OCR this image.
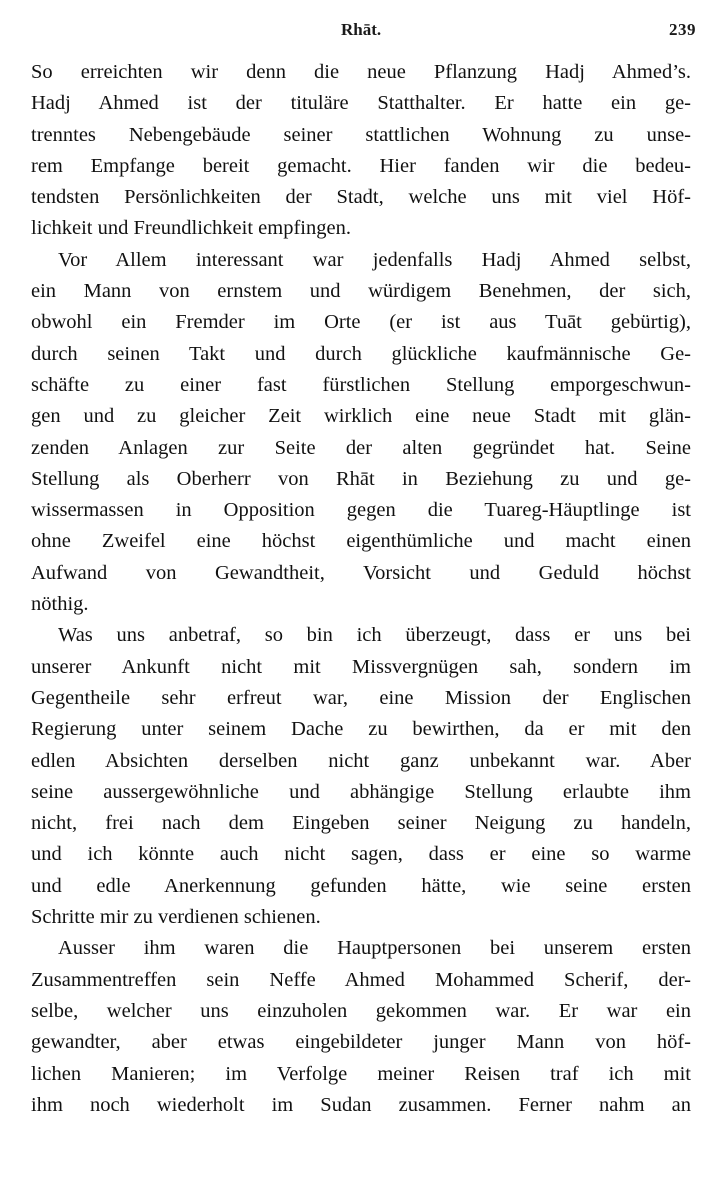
Rhāt.	239
So erreichten wir denn die neue Pflanzung Hadj Ahmed’s.
Hadj Ahmed ist der tituläre Statthalter. Er hatte ein ge-
trenntes Nebengebäude seiner stattlichen Wohnung zu unse-
rem Empfange bereit gemacht. Hier fanden wir die bedeu-
tendsten Persönlichkeiten der Stadt, welche uns mit viel Höf-
lichkeit und Freundlichkeit empfingen.
Vor Allem interessant war jedenfalls Hadj Ahmed selbst,
ein Mann von ernstem und würdigem Benehmen, der sich,
obwohl ein Fremder im Orte (er ist aus Tuāt gebürtig),
durch seinen Takt und durch glückliche kaufmännische Ge-
schäfte zu einer fast fürstlichen Stellung emporgeschwun-
gen und zu gleicher Zeit wirklich eine neue Stadt mit glän-
zenden Anlagen zur Seite der alten gegründet hat. Seine
Stellung als Oberherr von Rhāt in Beziehung zu und ge-
wissermassen in Opposition gegen die Tuareg-Häuptlinge ist
ohne Zweifel eine höchst eigenthümliche und macht einen
Aufwand von Gewandtheit, Vorsicht und Geduld höchst
nöthig.
Was uns anbetraf, so bin ich überzeugt, dass er uns bei
unserer Ankunft nicht mit Missvergnügen sah, sondern im
Gegentheile sehr erfreut war, eine Mission der Englischen
Regierung unter seinem Dache zu bewirthen, da er mit den
edlen Absichten derselben nicht ganz unbekannt war. Aber
seine aussergewöhnliche und abhängige Stellung erlaubte ihm
nicht, frei nach dem Eingeben seiner Neigung zu handeln,
und ich könnte auch nicht sagen, dass er eine so warme
und edle Anerkennung gefunden hätte, wie seine ersten
Schritte mir zu verdienen schienen.
Ausser ihm waren die Hauptpersonen bei unserem ersten
Zusammentreffen sein Neffe Ahmed Mohammed Scherif, der-
selbe, welcher uns einzuholen gekommen war. Er war ein
gewandter, aber etwas eingebildeter junger Mann von höf-
lichen Manieren; im Verfolge meiner Reisen traf ich mit
ihm noch wiederholt im Sudan zusammen. Ferner nahm an
